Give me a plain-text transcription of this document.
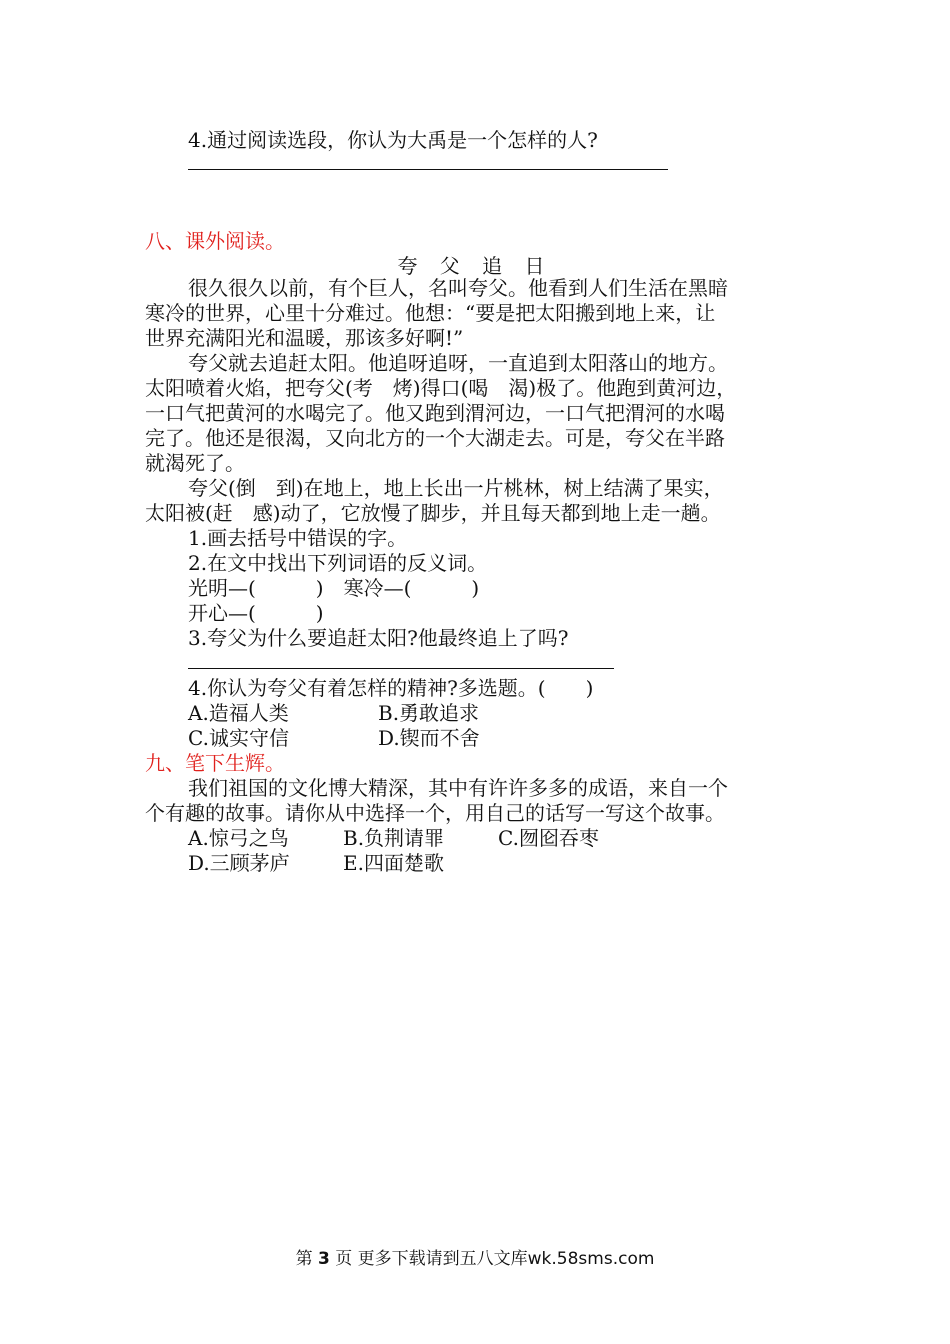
4.通过阅读选段，你认为大禹是一个怎样的人?
八、课外阅读。
夸 父 追 日
很久很久以前，有个巨人，名叫夸父。他看到人们生活在黑暗
寒冷的世界，心里十分难过。他想：“要是把太阳搬到地上来，让
世界充满阳光和温暖，那该多好啊!”
夸父就去追赶太阳。他追呀追呀，一直追到太阳落山的地方。
太阳喷着火焰，把夸父(考　烤)得口(喝　渴)极了。他跑到黄河边，
一口气把黄河的水喝完了。他又跑到渭河边，一口气把渭河的水喝
完了。他还是很渴，又向北方的一个大湖走去。可是，夸父在半路
就渴死了。
夸父(倒　到)在地上，地上长出一片桃林，树上结满了果实，
太阳被(赶　感)动了，它放慢了脚步，并且每天都到地上走一趟。
1.画去括号中错误的字。
2.在文中找出下列词语的反义词。
光明—(　　　)　寒冷—(　　　)
开心—(　　　)
3.夸父为什么要追赶太阳?他最终追上了吗?
4.你认为夸父有着怎样的精神?多选题。(　　)
A.造福人类	B.勇敢追求
C.诚实守信	D.锲而不舍
九、笔下生辉。
我们祖国的文化博大精深，其中有许许多多的成语，来自一个
个有趣的故事。请你从中选择一个，用自己的话写一写这个故事。
A.惊弓之鸟	B.负荆请罪	C.囫囵吞枣
D.三顾茅庐	E.四面楚歌
第 3 页 更多下载请到五八文库wk.58sms.com
